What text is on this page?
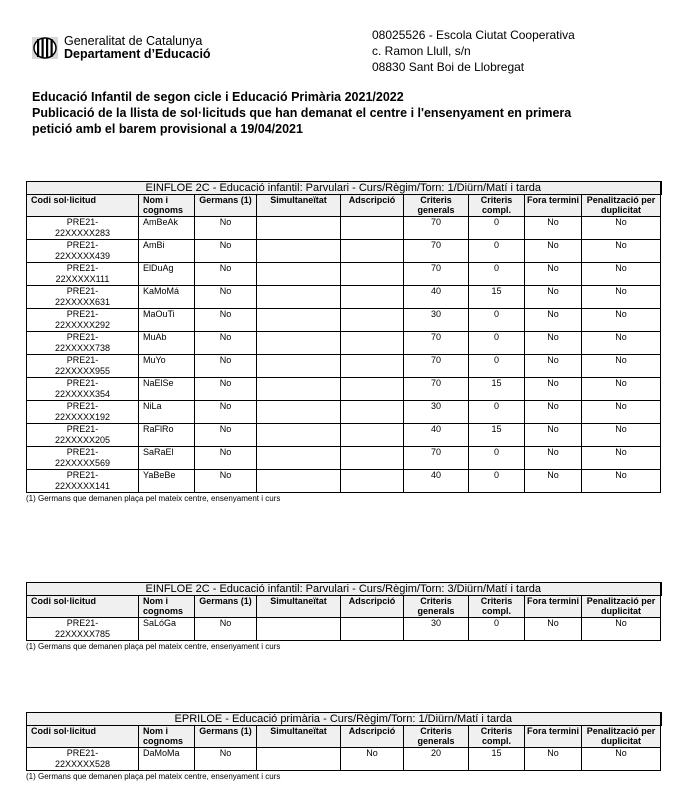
Generalitat de Catalunya
Departament d’Educació
08025526 - Escola Ciutat Cooperativa
c. Ramon Llull, s/n
08830 Sant Boi de Llobregat
Educació Infantil de segon cicle i Educació Primària 2021/2022
Publicació de la llista de sol·licituds que han demanat el centre i l'ensenyament en primera
petició amb el barem provisional a 19/04/2021
EINFLOE 2C - Educació infantil: Parvulari - Curs/Règim/Torn: 1/Diürn/Matí i tarda								
Codi sol·licitud	Nom i cognoms	Germans (1)	Simultaneïtat	Adscripció	Criteris generals	Criteris compl.	Fora termini	Penalització per duplicitat

PRE21-
22XXXXX283	AmBeAk	No			70	0	No	No

PRE21-
22XXXXX439	AmBi	No			70	0	No	No

PRE21-
22XXXXX111	ElDuAg	No			70	0	No	No

PRE21-
22XXXXX631	KaMoMá	No			40	15	No	No

PRE21-
22XXXXX292	MaOuTi	No			30	0	No	No

PRE21-
22XXXXX738	MuAb	No			70	0	No	No

PRE21-
22XXXXX955	MuYo	No			70	0	No	No

PRE21-
22XXXXX354	NaElSe	No			70	15	No	No

PRE21-
22XXXXX192	NiLa	No			30	0	No	No

PRE21-
22XXXXX205	RaFlRo	No			40	15	No	No

PRE21-
22XXXXX569	SaRaEl	No			70	0	No	No

PRE21-
22XXXXX141	YaBeBe	No			40	0	No	No
(1) Germans que demanen plaça pel mateix centre, ensenyament i curs
EINFLOE 2C - Educació infantil: Parvulari - Curs/Règim/Torn: 3/Diürn/Matí i tarda								
Codi sol·licitud	Nom i cognoms	Germans (1)	Simultaneïtat	Adscripció	Criteris generals	Criteris compl.	Fora termini	Penalització per duplicitat

PRE21-
22XXXXX785	SaLóGa	No			30	0	No	No
(1) Germans que demanen plaça pel mateix centre, ensenyament i curs
EPRILOE - Educació primària - Curs/Règim/Torn: 1/Diürn/Matí i tarda								
Codi sol·licitud	Nom i cognoms	Germans (1)	Simultaneïtat	Adscripció	Criteris generals	Criteris compl.	Fora termini	Penalització per duplicitat

PRE21-
22XXXXX528	DaMoMa	No		No	20	15	No	No
(1) Germans que demanen plaça pel mateix centre, ensenyament i curs
